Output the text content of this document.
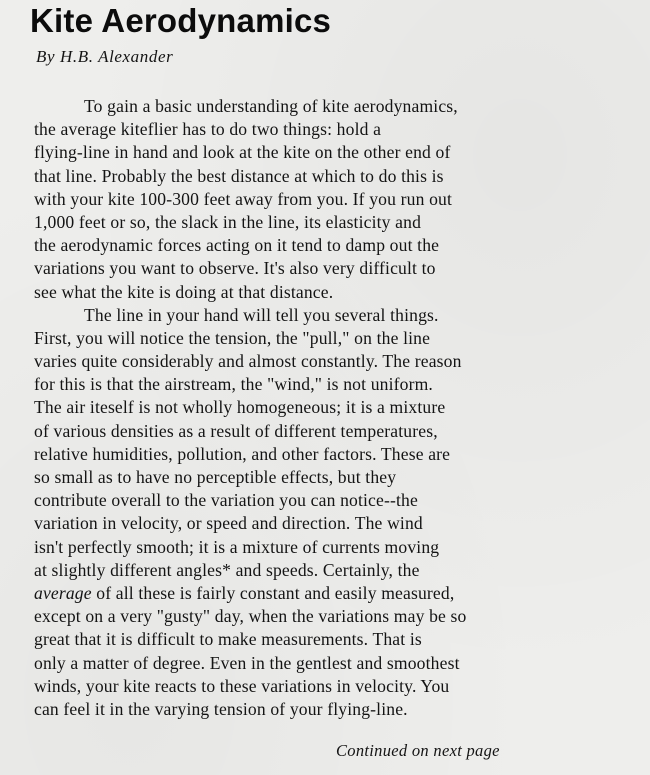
Kite Aerodynamics

By H.B. Alexander

To gain a basic understanding of kite aerodynamics,
the average kiteflier has to do two things: hold a
flying-line in hand and look at the kite on the other end of
that line. Probably the best distance at which to do this is
with your kite 100-300 feet away from you. If you run out
1,000 feet or so, the slack in the line, its elasticity and
the aerodynamic forces acting on it tend to damp out the
variations you want to observe. It's also very difficult to
see what the kite is doing at that distance.
The line in your hand will tell you several things.
First, you will notice the tension, the "pull," on the line
varies quite considerably and almost constantly. The reason
for this is that the airstream, the "wind," is not uniform.
The air iteself is not wholly homogeneous; it is a mixture
of various densities as a result of different temperatures,
relative humidities, pollution, and other factors. These are
so small as to have no perceptible effects, but they
contribute overall to the variation you can notice--the
variation in velocity, or speed and direction. The wind
isn't perfectly smooth; it is a mixture of currents moving
at slightly different angles* and speeds. Certainly, the
average of all these is fairly constant and easily measured,
except on a very "gusty" day, when the variations may be so
great that it is difficult to make measurements. That is
only a matter of degree. Even in the gentlest and smoothest
winds, your kite reacts to these variations in velocity. You
can feel it in the varying tension of your flying-line.

Continued on next page
